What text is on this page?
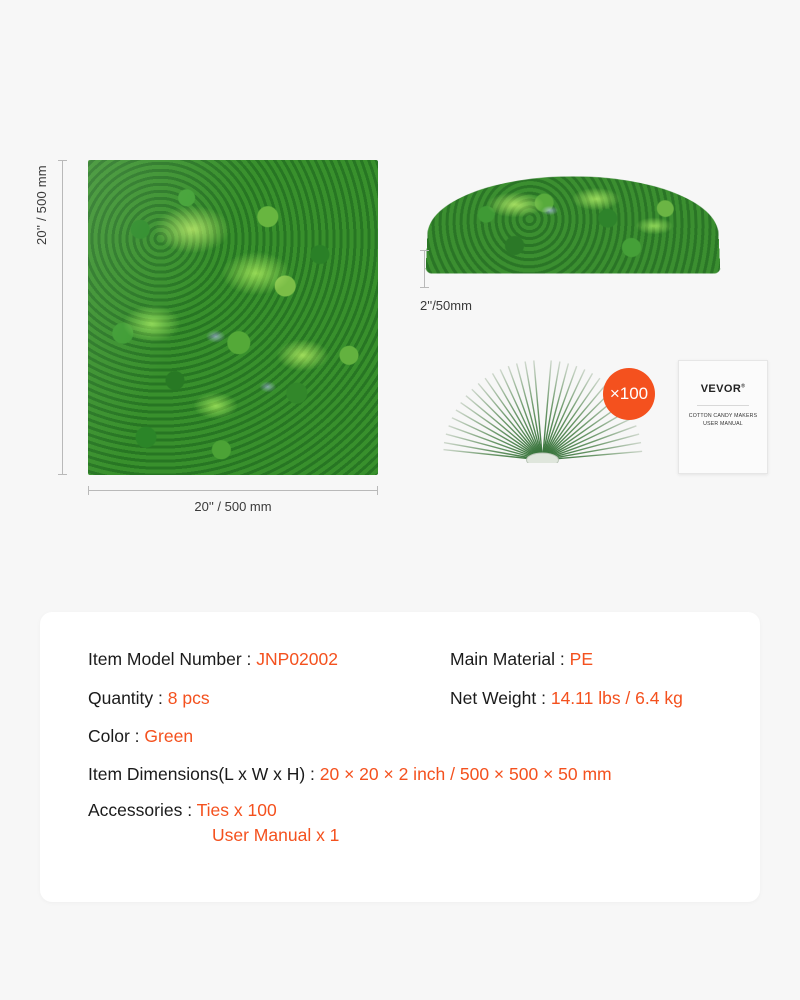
20'' / 500 mm
20'' / 500 mm
2''/50mm
×100	VEVOR®
COTTON CANDY MAKERS
USER MANUAL
Item Model Number : JNP02002	Main Material : PE
Quantity : 8 pcs	Net Weight : 14.11 lbs / 6.4 kg
Color : Green
Item Dimensions(L x W x H) : 20 × 20 × 2 inch / 500 × 500 × 50 mm
Accessories : Ties x 100
User Manual x 1
